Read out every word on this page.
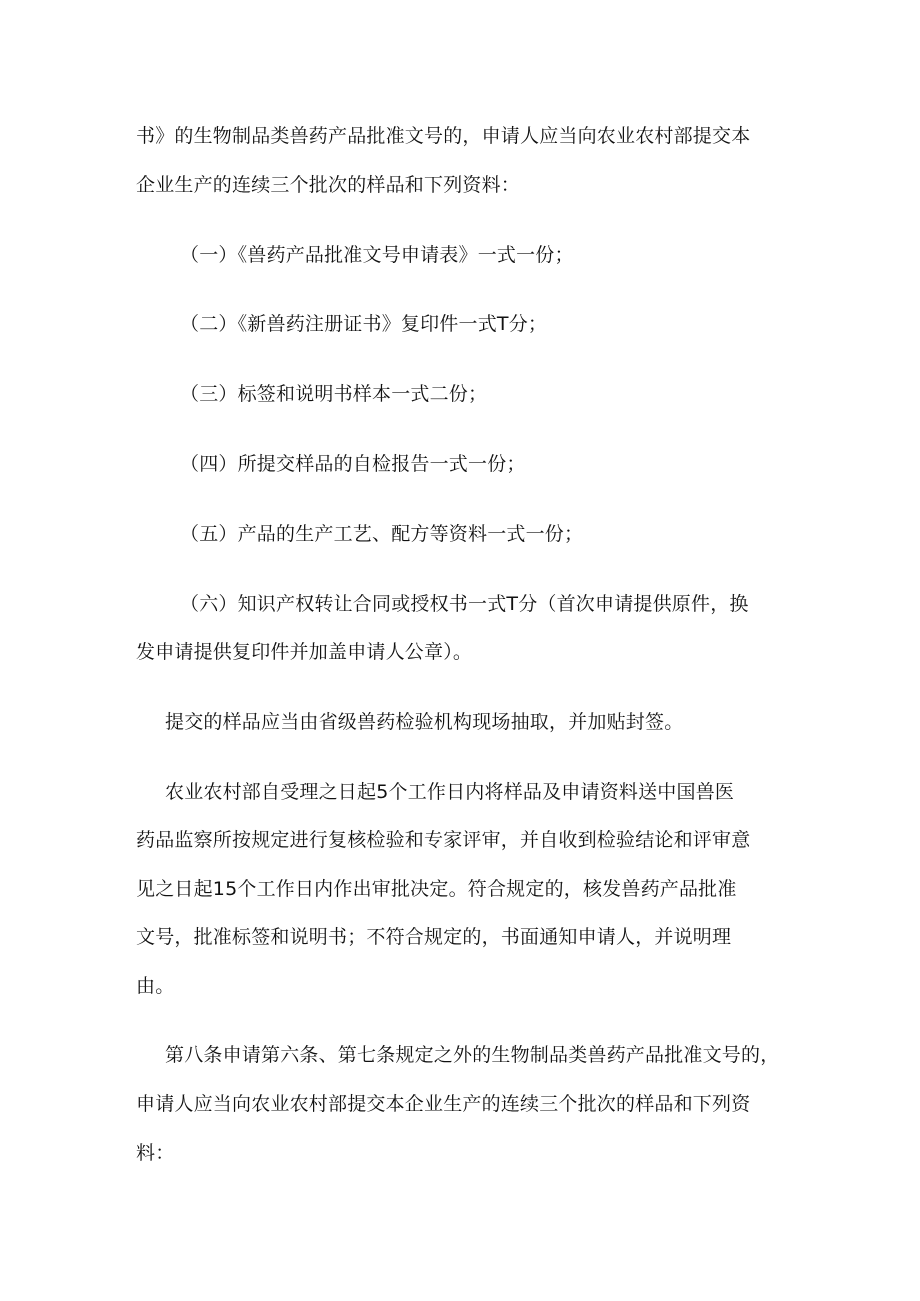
书》的生物制品类兽药产品批准文号的，申请人应当向农业农村部提交本
企业生产的连续三个批次的样品和下列资料：
（一）《兽药产品批准文号申请表》一式一份；
（二）《新兽药注册证书》复印件一式T分；
（三）标签和说明书样本一式二份；
（四）所提交样品的自检报告一式一份；
（五）产品的生产工艺、配方等资料一式一份；
（六）知识产权转让合同或授权书一式T分（首次申请提供原件，换
发申请提供复印件并加盖申请人公章）。
提交的样品应当由省级兽药检验机构现场抽取，并加贴封签。
农业农村部自受理之日起5个工作日内将样品及申请资料送中国兽医
药品监察所按规定进行复核检验和专家评审，并自收到检验结论和评审意
见之日起15个工作日内作出审批决定。符合规定的，核发兽药产品批准
文号，批准标签和说明书；不符合规定的，书面通知申请人，并说明理
由。
第八条申请第六条、第七条规定之外的生物制品类兽药产品批准文号的，
申请人应当向农业农村部提交本企业生产的连续三个批次的样品和下列资
料：
